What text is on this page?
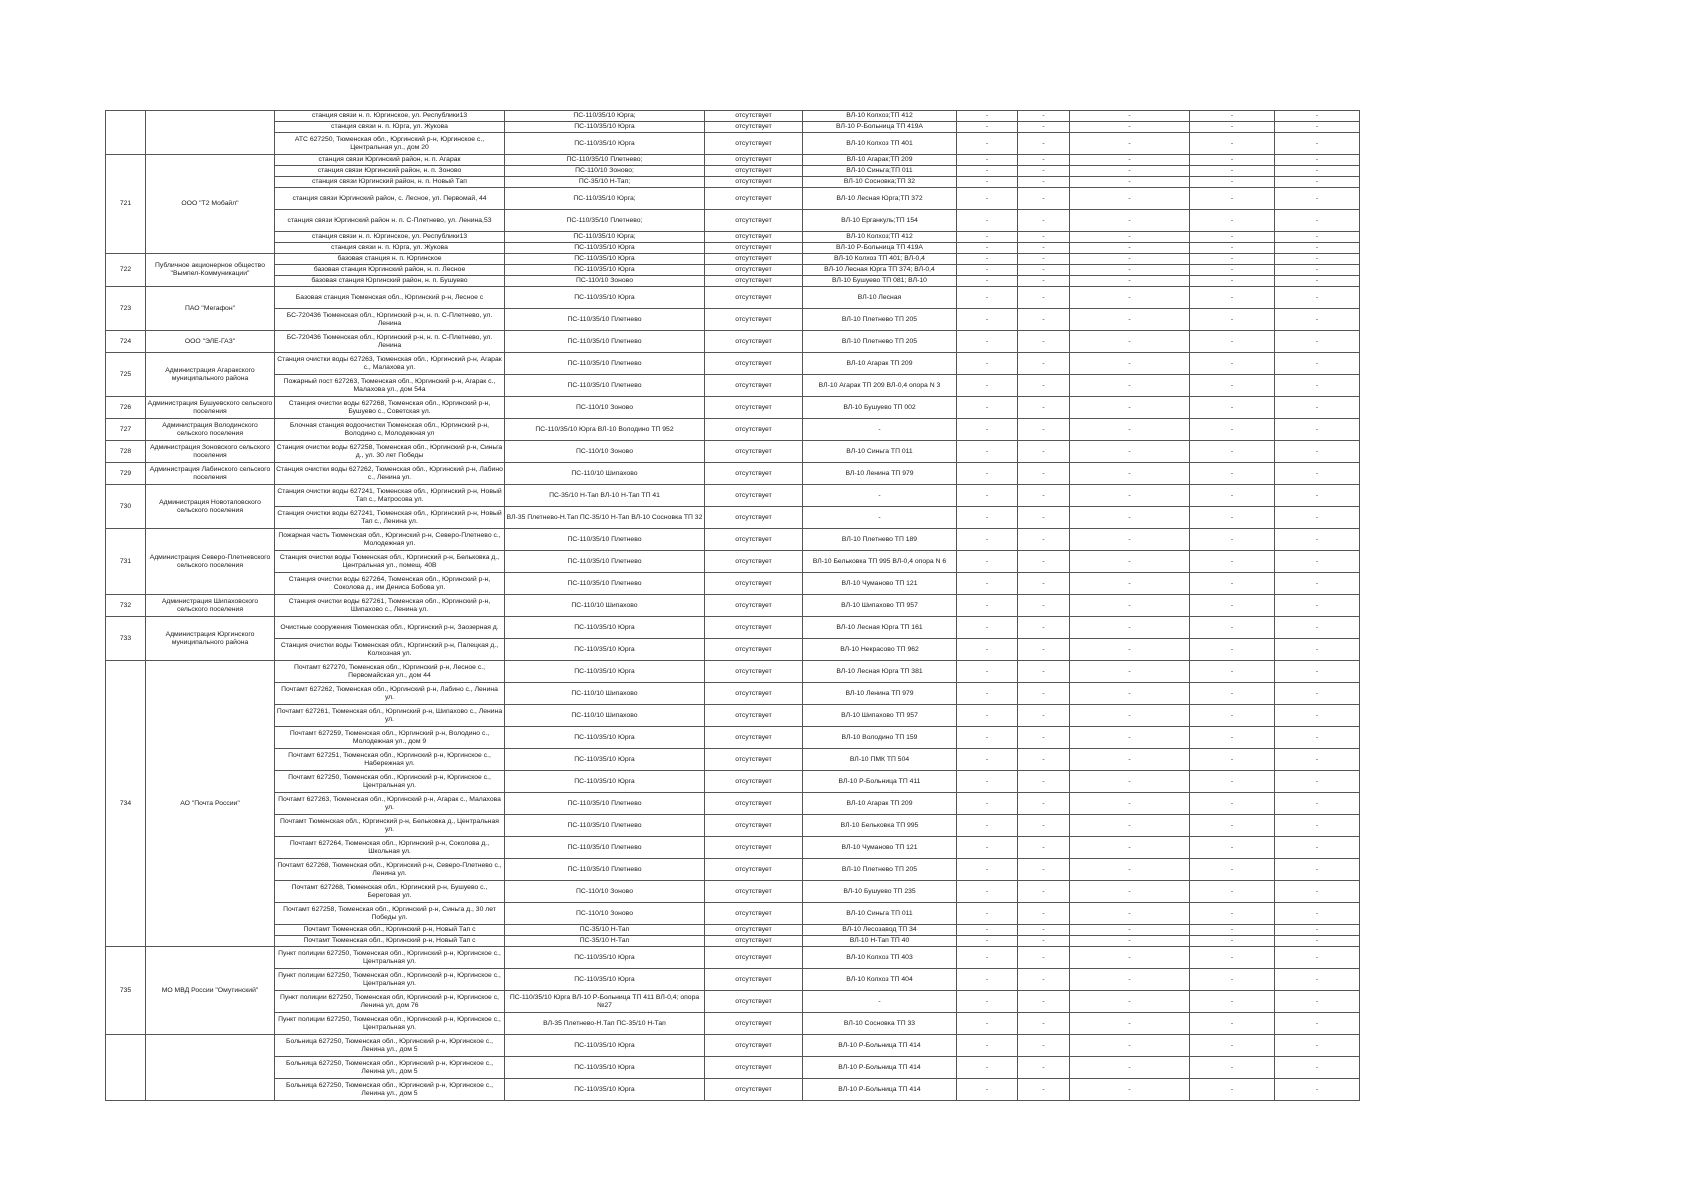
		станция связи н. п. Юргинское, ул. Республики13	ПС-110/35/10 Юрга;	отсутствует	ВЛ-10 Колхоз;ТП 412	-	-	-	-	-
		станция связи н. п. Юрга, ул. Жукова	ПС-110/35/10 Юрга	отсутствует	ВЛ-10 Р-Больница ТП 419А	-	-	-	-	-
		АТС 627250, Тюменская обл., Юргинский р-н, Юргинское с., Центральная ул., дом 20	ПС-110/35/10 Юрга	отсутствует	ВЛ-10 Колхоз ТП 401	-	-	-	-	-
721	ООО "Т2 Мобайл"	станция связи Юргинский район, н. п. Агарак	ПС-110/35/10 Плетнево;	отсутствует	ВЛ-10 Агарак;ТП 209	-	-	-	-	-
		станция связи Юргинский район, н. п. Зоново	ПС-110/10 Зоново;	отсутствует	ВЛ-10 Синьга;ТП 011	-	-	-	-	-
		станция связи Юргинский район, н. п. Новый Тап	ПС-35/10 Н-Тап;	отсутствует	ВЛ-10 Сосновка;ТП 32	-	-	-	-	-
		станция связи Юргинский район, с. Лесное, ул. Первомай, 44	ПС-110/35/10 Юрга;	отсутствует	ВЛ-10 Лесная Юрга;ТП 372	-	-	-	-	-
		станция связи Юргинский район н. п. С-Плетнево, ул. Ленина,53	ПС-110/35/10 Плетнево;	отсутствует	ВЛ-10 Ерганкуль;ТП 154	-	-	-	-	-
		станция связи н. п. Юргинское, ул. Республики13	ПС-110/35/10 Юрга;	отсутствует	ВЛ-10 Колхоз;ТП 412	-	-	-	-	-
		станция связи н. п. Юрга, ул. Жукова	ПС-110/35/10 Юрга	отсутствует	ВЛ-10 Р-Больница ТП 419А	-	-	-	-	-
722	Публичное акционерное общество "Вымпел-Коммуникации"	базовая станция н. п. Юргинское	ПС-110/35/10 Юрга	отсутствует	ВЛ-10 Колхоз ТП 401; ВЛ-0,4	-	-	-	-	-
		базовая станция Юргинский район, н. п. Лесное	ПС-110/35/10 Юрга	отсутствует	ВЛ-10 Лесная Юрга ТП 374; ВЛ-0,4	-	-	-	-	-
		базовая станция Юргинский район, н. п. Бушуево	ПС-110/10 Зоново	отсутствует	ВЛ-10 Бушуево ТП 081; ВЛ-10	-	-	-	-	-
723	ПАО "Мегафон"	Базовая станция Тюменская обл., Юргинский р-н, Лесное с	ПС-110/35/10 Юрга	отсутствует	ВЛ-10 Лесная	-	-	-	-	-
		БС-720436 Тюменская обл., Юргинский р-н, н. п. С-Плетнево, ул. Ленина	ПС-110/35/10 Плетнево	отсутствует	ВЛ-10 Плетнево ТП 205	-	-	-	-	-
724	ООО "ЭЛЕ-ГАЗ"	БС-720436 Тюменская обл., Юргинский р-н, н. п. С-Плетнево, ул. Ленина	ПС-110/35/10 Плетнево	отсутствует	ВЛ-10 Плетнево ТП 205	-	-	-	-	-
725	Администрация Агаракского муниципального района	Станция очистки воды 627263, Тюменская обл., Юргинский р-н, Агарак с., Малахова ул.	ПС-110/35/10 Плетнево	отсутствует	ВЛ-10 Агарак ТП 209	-	-	-	-	-
		Пожарный пост 627263, Тюменская обл., Юргинский р-н, Агарак с., Малахова ул., дом 54а	ПС-110/35/10 Плетнево	отсутствует	ВЛ-10 Агарак ТП 209 ВЛ-0,4 опора N 3	-	-	-	-	-
726	Администрация Бушуевского сельского поселения	Станция очистки воды 627268, Тюменская обл., Юргинский р-н, Бушуево с., Советская ул.	ПС-110/10 Зоново	отсутствует	ВЛ-10 Бушуево ТП 002	-	-	-	-	-
727	Администрация Володинского сельского поселения	Блочная станция водоочистки Тюменская обл., Юргинский р-н, Володино с, Молодежная ул	ПС-110/35/10 Юрга ВЛ-10 Володино ТП 952	отсутствует	-	-	-	-	-	-
728	Администрация Зоновского сельского поселения	Станция очистки воды 627258, Тюменская обл., Юргинский р-н, Синьга д., ул. 30 лет Победы	ПС-110/10 Зоново	отсутствует	ВЛ-10 Синьга ТП 011	-	-	-	-	-
729	Администрация Лабинского сельского поселения	Станция очистки воды 627262, Тюменская обл., Юргинский р-н, Лабино с., Ленина ул.	ПС-110/10 Шипахово	отсутствует	ВЛ-10 Ленина ТП 979	-	-	-	-	-
730	Администрация Новотаповского сельского поселения	Станция очистки воды 627241, Тюменская обл., Юргинский р-н, Новый Тап с., Матросова ул.	ПС-35/10 Н-Тап ВЛ-10 Н-Тап ТП 41	отсутствует	-	-	-	-	-	-
		Станция очистки воды 627241, Тюменская обл., Юргинский р-н, Новый Тап с., Ленина ул.	ВЛ-35 Плетнево-Н.Тап ПС-35/10 Н-Тап ВЛ-10 Сосновка ТП 32	отсутствует	-	-	-	-	-	-
731	Администрация Северо-Плетневского сельского поселения	Пожарная часть Тюменская обл., Юргинский р-н, Северо-Плетнево с., Молодежная ул.	ПС-110/35/10 Плетнево	отсутствует	ВЛ-10 Плетнево ТП 189	-	-	-	-	-
		Станция очистки воды Тюменская обл., Юргинский р-н, Бельковка д., Центральная ул., помещ. 40В	ПС-110/35/10 Плетнево	отсутствует	ВЛ-10 Бельковка ТП 995 ВЛ-0,4 опора N 6	-	-	-	-	-
		Станция очистки воды 627264, Тюменская обл., Юргинский р-н, Соколова д., им Дениса Бобова ул.	ПС-110/35/10 Плетнево	отсутствует	ВЛ-10 Чуманово ТП 121	-	-	-	-	-
732	Администрация Шипаховского сельского поселения	Станция очистки воды 627261, Тюменская обл., Юргинский р-н, Шипахово с., Ленина ул.	ПС-110/10 Шипахово	отсутствует	ВЛ-10 Шипахово ТП 957	-	-	-	-	-
733	Администрация Юргинского муниципального района	Очистные сооружения Тюменская обл., Юргинский р-н, Заозерная д.	ПС-110/35/10 Юрга	отсутствует	ВЛ-10 Лесная Юрга ТП 161	-	-	-	-	-
		Станция очистки воды Тюменская обл., Юргинский р-н, Палецкая д., Колхозная ул.	ПС-110/35/10 Юрга	отсутствует	ВЛ-10 Некрасово ТП 962	-	-	-	-	-
734	АО "Почта России"	Почтамт 627270, Тюменская обл., Юргинский р-н, Лесное с., Первомайская ул., дом 44	ПС-110/35/10 Юрга	отсутствует	ВЛ-10 Лесная Юрга ТП 381	-	-	-	-	-
		Почтамт 627262, Тюменская обл., Юргинский р-н, Лабино с., Ленина ул.	ПС-110/10 Шипахово	отсутствует	ВЛ-10 Ленина ТП 979	-	-	-	-	-
		Почтамт 627261, Тюменская обл., Юргинский р-н, Шипахово с., Ленина ул.	ПС-110/10 Шипахово	отсутствует	ВЛ-10 Шипахово ТП 957	-	-	-	-	-
		Почтамт 627259, Тюменская обл., Юргинский р-н, Володино с., Молодежная ул., дом 9	ПС-110/35/10 Юрга	отсутствует	ВЛ-10 Володино ТП 159	-	-	-	-	-
		Почтамт 627251, Тюменская обл., Юргинский р-н, Юргинское с., Набережная ул.	ПС-110/35/10 Юрга	отсутствует	ВЛ-10 ПМК ТП 504	-	-	-	-	-
		Почтамт 627250, Тюменская обл., Юргинский р-н, Юргинское с., Центральная ул.	ПС-110/35/10 Юрга	отсутствует	ВЛ-10 Р-Больница ТП 411	-	-	-	-	-
		Почтамт 627263, Тюменская обл., Юргинский р-н, Агарак с., Малахова ул.	ПС-110/35/10 Плетнево	отсутствует	ВЛ-10 Агарак ТП 209	-	-	-	-	-
		Почтамт Тюменская обл., Юргинский р-н, Бельковка д., Центральная ул.	ПС-110/35/10 Плетнево	отсутствует	ВЛ-10 Бельковка ТП 995	-	-	-	-	-
		Почтамт 627264, Тюменская обл., Юргинский р-н, Соколова д., Школьная ул.	ПС-110/35/10 Плетнево	отсутствует	ВЛ-10 Чуманово ТП 121	-	-	-	-	-
		Почтамт 627268, Тюменская обл., Юргинский р-н, Северо-Плетнево с., Ленина ул.	ПС-110/35/10 Плетнево	отсутствует	ВЛ-10 Плетнево ТП 205	-	-	-	-	-
		Почтамт 627268, Тюменская обл., Юргинский р-н, Бушуево с., Береговая ул.	ПС-110/10 Зоново	отсутствует	ВЛ-10 Бушуево ТП 235	-	-	-	-	-
		Почтамт 627258, Тюменская обл., Юргинский р-н, Синьга д., 30 лет Победы ул.	ПС-110/10 Зоново	отсутствует	ВЛ-10 Синьга ТП 011	-	-	-	-	-
		Почтамт Тюменская обл., Юргинский р-н, Новый Тап с	ПС-35/10 Н-Тап	отсутствует	ВЛ-10 Лесозавод ТП 34	-	-	-	-	-
		Почтамт Тюменская обл., Юргинский р-н, Новый Тап с	ПС-35/10 Н-Тап	отсутствует	ВЛ-10 Н-Тап ТП 40	-	-	-	-	-
735	МО МВД России "Омутинский"	Пункт полиции 627250, Тюменская обл., Юргинский р-н, Юргинское с., Центральная ул.	ПС-110/35/10 Юрга	отсутствует	ВЛ-10 Колхоз ТП 403	-	-	-	-	-
		Пункт полиции 627250, Тюменская обл., Юргинский р-н, Юргинское с., Центральная ул.	ПС-110/35/10 Юрга	отсутствует	ВЛ-10 Колхоз ТП 404	-	-	-	-	-
		Пункт полиции 627250, Тюменская обл, Юргинский р-н, Юргинское с, Ленина ул, дом 76	ПС-110/35/10 Юрга ВЛ-10 Р-Больница ТП 411 ВЛ-0,4; опора №27	отсутствует	-	-	-	-	-	-
		Пункт полиции 627250, Тюменская обл., Юргинский р-н, Юргинское с., Центральная ул.	ВЛ-35 Плетнево-Н.Тап ПС-35/10 Н-Тап	отсутствует	ВЛ-10 Сосновка ТП 33	-	-	-	-	-
		Больница 627250, Тюменская обл., Юргинский р-н, Юргинское с., Ленина ул., дом 5	ПС-110/35/10 Юрга	отсутствует	ВЛ-10 Р-Больница ТП 414	-	-	-	-	-
		Больница 627250, Тюменская обл., Юргинский р-н, Юргинское с., Ленина ул., дом 5	ПС-110/35/10 Юрга	отсутствует	ВЛ-10 Р-Больница ТП 414	-	-	-	-	-
		Больница 627250, Тюменская обл., Юргинский р-н, Юргинское с., Ленина ул., дом 5	ПС-110/35/10 Юрга	отсутствует	ВЛ-10 Р-Больница ТП 414	-	-	-	-	-
